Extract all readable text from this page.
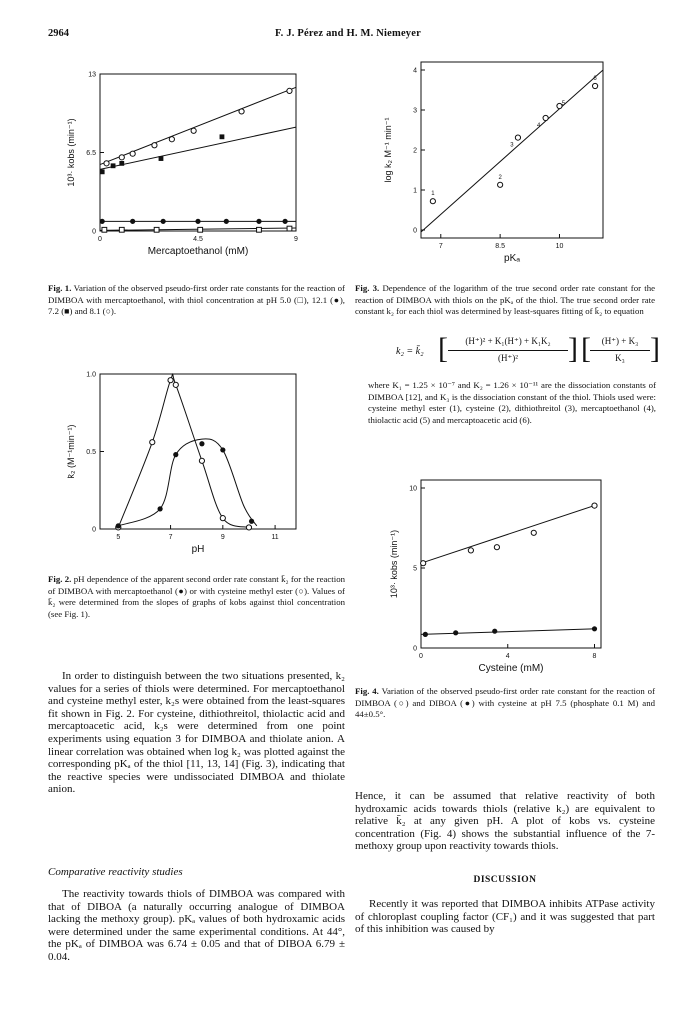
2964	F. J. Pérez and H. M. Niemeyer
0	4.5	9
0
6.5
13
Mercaptoethanol (mM)
10³· kobs (min⁻¹)
Fig. 1. Variation of the observed pseudo-first order rate constants for the reaction of DIMBOA with mercaptoethanol, with thiol concentration at pH 5.0 (□), 12.1 (●), 7.2 (■) and 8.1 (○).
5	7	9	11
0
0.5
1.0
pH
k̄₂ (M⁻¹min⁻¹)
Fig. 2. pH dependence of the apparent second order rate constant k̄₂ for the reaction of DIMBOA with mercaptoethanol (●) or with cysteine methyl ester (○). Values of k̄₂ were determined from the slopes of graphs of kobs against thiol concentration (see Fig. 1).
7	8.5	10
0
1
2
3
4
pKₐ
log k₂ M⁻¹ min⁻¹
1
2
3
4
5
6
Fig. 3. Dependence of the logarithm of the true second order rate constant for the reaction of DIMBOA with thiols on the pKₐ of the thiol. The true second order rate constant k₂ for each thiol was determined by least-squares fitting of k̄₂ to equation
k₂ = k̄₂ [	(H⁺)² + K₁(H⁺) + K₁K₂
(H⁺)²	] [	(H⁺) + K₃
K₃ ]
where K₁ = 1.25 × 10⁻⁷ and K₂ = 1.26 × 10⁻¹¹ are the dissociation constants of DIMBOA [12], and K₃ is the dissociation constant of the thiol. Thiols used were: cysteine methyl ester (1), cysteine (2), dithiothreitol (3), mercaptoethanol (4), thiolactic acid (5) and mercaptoacetic acid (6).
0	4	8
0
5
10
Cysteine (mM)
10³· kobs (min⁻¹)
Fig. 4. Variation of the observed pseudo-first order rate constant for the reaction of DIMBOA (○) and DIBOA (●) with cysteine at pH 7.5 (phosphate 0.1 M) and 44±0.5°.

In order to distinguish between the two situations presented, k₂ values for a series of thiols were determined. For mercaptoethanol and cysteine methyl ester, k₂s were obtained from the least-squares fit shown in Fig. 2. For cysteine, dithiothreitol, thiolactic acid and mercaptoacetic acid, k₂s were determined from one point experiments using equation 3 for DIMBOA and thiolate anion. A linear correlation was obtained when log k₂ was plotted against the corresponding pKₐ of the thiol [11, 13, 14] (Fig. 3), indicating that the reactive species were undissociated DIMBOA and thiolate anion.

Comparative reactivity studies

The reactivity towards thiols of DIMBOA was compared with that of DIBOA (a naturally occurring analogue of DIMBOA lacking the methoxy group). pKₐ values of both hydroxamic acids were determined under the same experimental conditions. At 44°, the pKₐ of DIMBOA was 6.74 ± 0.05 and that of DIBOA 6.79 ± 0.04.

Hence, it can be assumed that relative reactivity of both hydroxamic acids towards thiols (relative k₂) are equivalent to relative k̄₂ at any given pH. A plot of kobs vs. cysteine concentration (Fig. 4) shows the substantial influence of the 7-methoxy group upon reactivity towards thiols.

DISCUSSION

Recently it was reported that DIMBOA inhibits ATPase activity of chloroplast coupling factor (CF₁) and it was suggested that part of this inhibition was caused by
